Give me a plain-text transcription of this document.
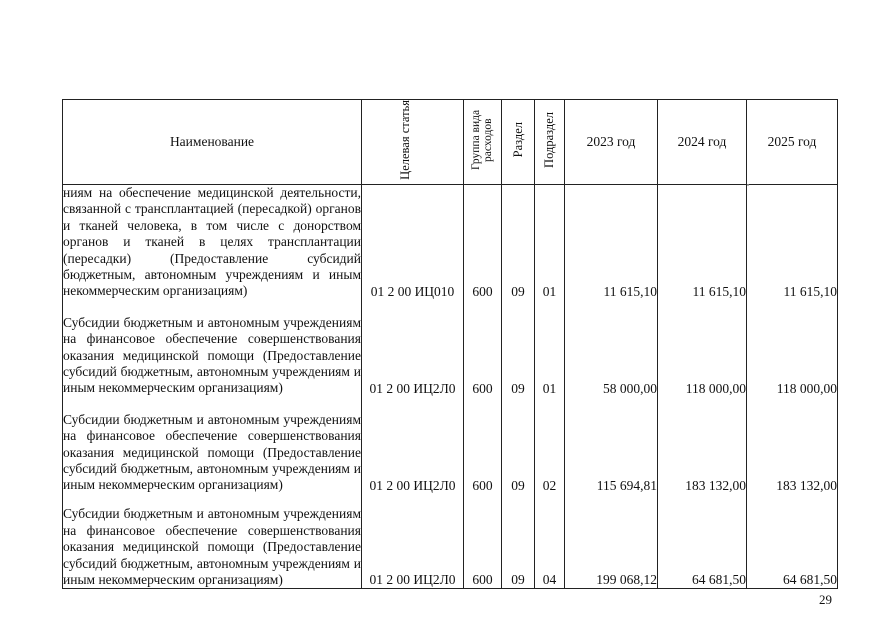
Наименование	Целевая статья	Группа вида расходов	Раздел	Подраздел	2023 год	2024 год	2025 год
ниям на обеспечение медицинской деятельности, связанной с трансплантацией (пересадкой) органов и тканей человека, в том числе с донорством органов и тканей в целях трансплантации (пересадки) (Предоставление субсидий бюджетным, автономным учреждениям и иным некоммерческим организациям)	01 2 00 ИЦ010	600	09	01	11 615,10	11 615,10	11 615,10
Субсидии бюджетным и автономным учреждениям на финансовое обеспечение совершенствования оказания медицинской помощи (Предоставление субсидий бюджетным, автономным учреждениям и иным некоммерческим организациям)	01 2 00 ИЦ2Л0	600	09	01	58 000,00	118 000,00	118 000,00
Субсидии бюджетным и автономным учреждениям на финансовое обеспечение совершенствования оказания медицинской помощи (Предоставление субсидий бюджетным, автономным учреждениям и иным некоммерческим организациям)	01 2 00 ИЦ2Л0	600	09	02	115 694,81	183 132,00	183 132,00
Субсидии бюджетным и автономным учреждениям на финансовое обеспечение совершенствования оказания медицинской помощи (Предоставление субсидий бюджетным, автономным учреждениям и иным некоммерческим организациям)	01 2 00 ИЦ2Л0	600	09	04	199 068,12	64 681,50	64 681,50
29
